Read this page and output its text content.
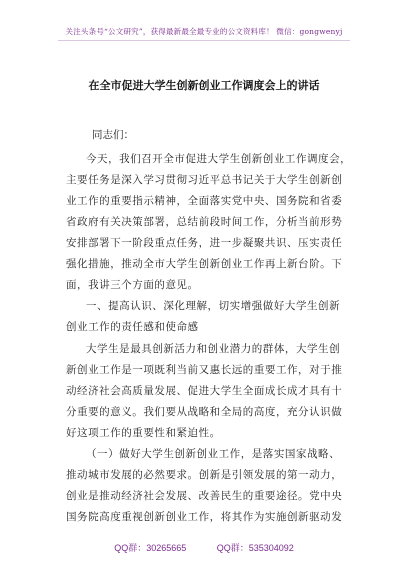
关注头条号“公文研究”，获得最新最全最专业的公文资料库！ 微信：gongwenyj
在全市促进大学生创新创业工作调度会上的讲话
同志们：
今天，我们召开全市促进大学生创新创业工作调度会，
主要任务是深入学习贯彻习近平总书记关于大学生创新创
业工作的重要指示精神，全面落实党中央、国务院和省委
省政府有关决策部署，总结前段时间工作，分析当前形势
安排部署下一阶段重点任务，进一步凝聚共识、压实责任
强化措施，推动全市大学生创新创业工作再上新台阶。下
面，我讲三个方面的意见。
一、提高认识、深化理解，切实增强做好大学生创新
创业工作的责任感和使命感
大学生是最具创新活力和创业潜力的群体，大学生创
新创业工作是一项既利当前又惠长远的重要工作，对于推
动经济社会高质量发展、促进大学生全面成长成才具有十
分重要的意义。我们要从战略和全局的高度，充分认识做
好这项工作的重要性和紧迫性。
（一）做好大学生创新创业工作，是落实国家战略、
推动城市发展的必然要求。创新是引领发展的第一动力，
创业是推动经济社会发展、改善民生的重要途径。党中央
国务院高度重视创新创业工作，将其作为实施创新驱动发
QQ群：30265665	QQ群：535304092
